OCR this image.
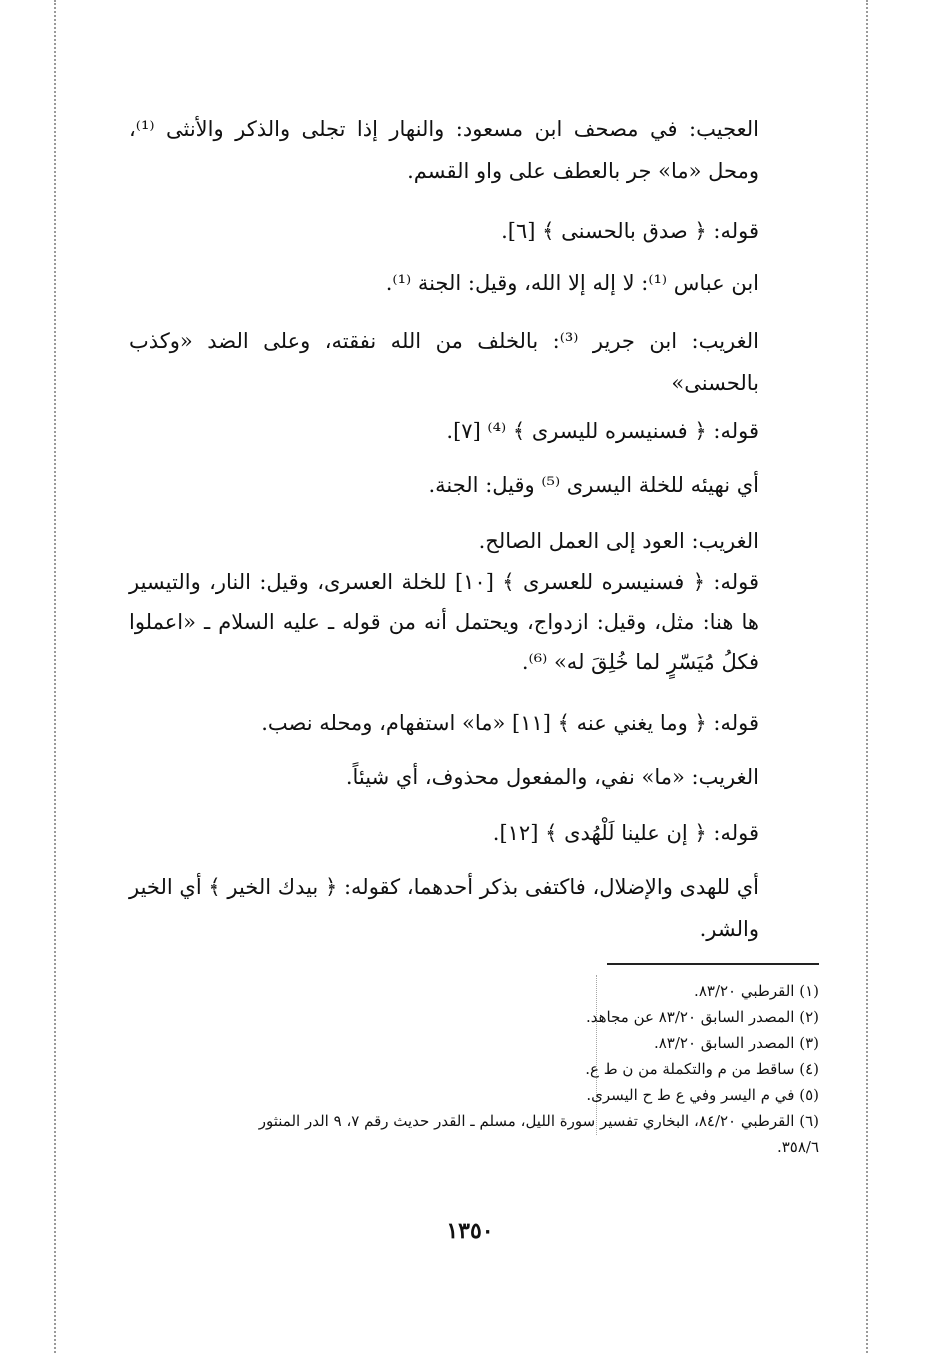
العجيب: في مصحف ابن مسعود: والنهار إذا تجلى والذكر والأنثى ⁽¹⁾، ومحل «ما» جر بالعطف على واو القسم.

قوله: ﴿ صدق بالحسنى ﴾ [٦].

ابن عباس ⁽¹⁾: لا إله إلا الله، وقيل: الجنة ⁽¹⁾.

الغريب: ابن جرير ⁽³⁾: بالخلف من الله نفقته، وعلى الضد «وكذب بالحسنى»

قوله: ﴿ فسنيسره لليسرى ﴾ ⁽⁴⁾ [٧].

أي نهيئه للخلة اليسرى ⁽⁵⁾ وقيل: الجنة.

الغريب: العود إلى العمل الصالح.

قوله: ﴿ فسنيسره للعسرى ﴾ [١٠] للخلة العسرى، وقيل: النار، والتيسير ها هنا: مثل، وقيل: ازدواج، ويحتمل أنه من قوله ـ عليه السلام ـ «اعملوا فكلُ مُيَسّرٍ لما خُلِقَ له» ⁽⁶⁾.

قوله: ﴿ وما يغني عنه ﴾ [١١] «ما» استفهام، ومحله نصب.

الغريب: «ما» نفي، والمفعول محذوف، أي شيئاً.

قوله: ﴿ إن علينا لَلْهُدى ﴾ [١٢].

أي للهدى والإضلال، فاكتفى بذكر أحدهما، كقوله: ﴿ بيدك الخير ﴾ أي الخير والشر.

(١) القرطبي ٨٣/٢٠.
(٢) المصدر السابق ٨٣/٢٠ عن مجاهد.
(٣) المصدر السابق ٨٣/٢٠.
(٤) ساقط من م والتكملة من ن ط ع.
(٥) في م اليسر وفي ع ط ح اليسرى.
(٦) القرطبي ٨٤/٢٠، البخاري تفسير سورة الليل، مسلم ـ القدر حديث رقم ٧، ٩ الدر المنثور
٣٥٨/٦.
١٣٥٠
